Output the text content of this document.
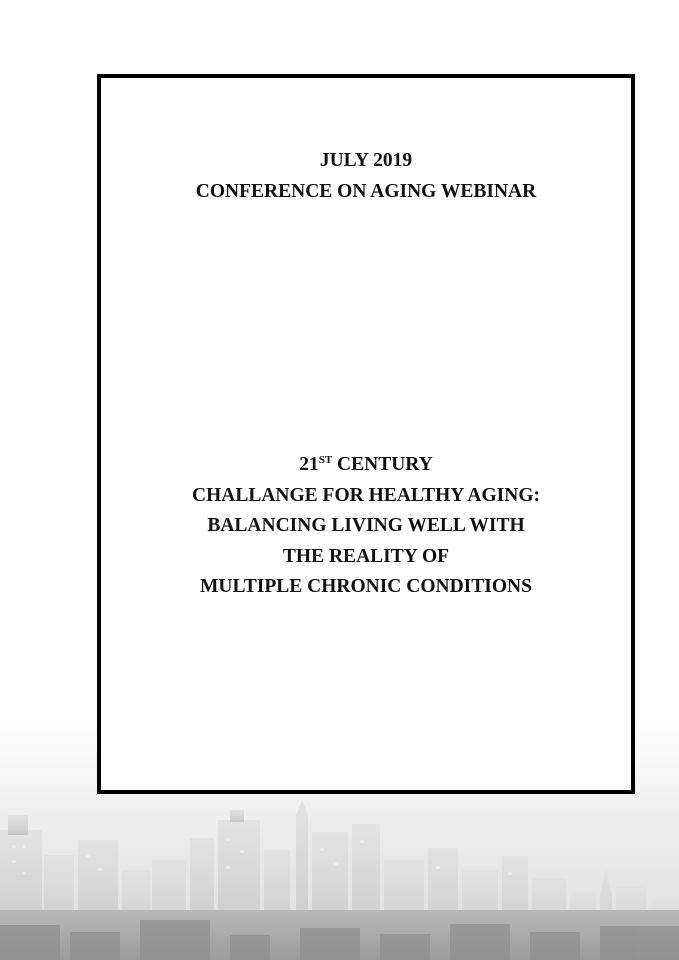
JULY 2019
CONFERENCE ON AGING WEBINAR
21ST CENTURY
CHALLANGE FOR HEALTHY AGING:
BALANCING LIVING WELL WITH
THE REALITY OF
MULTIPLE CHRONIC CONDITIONS
